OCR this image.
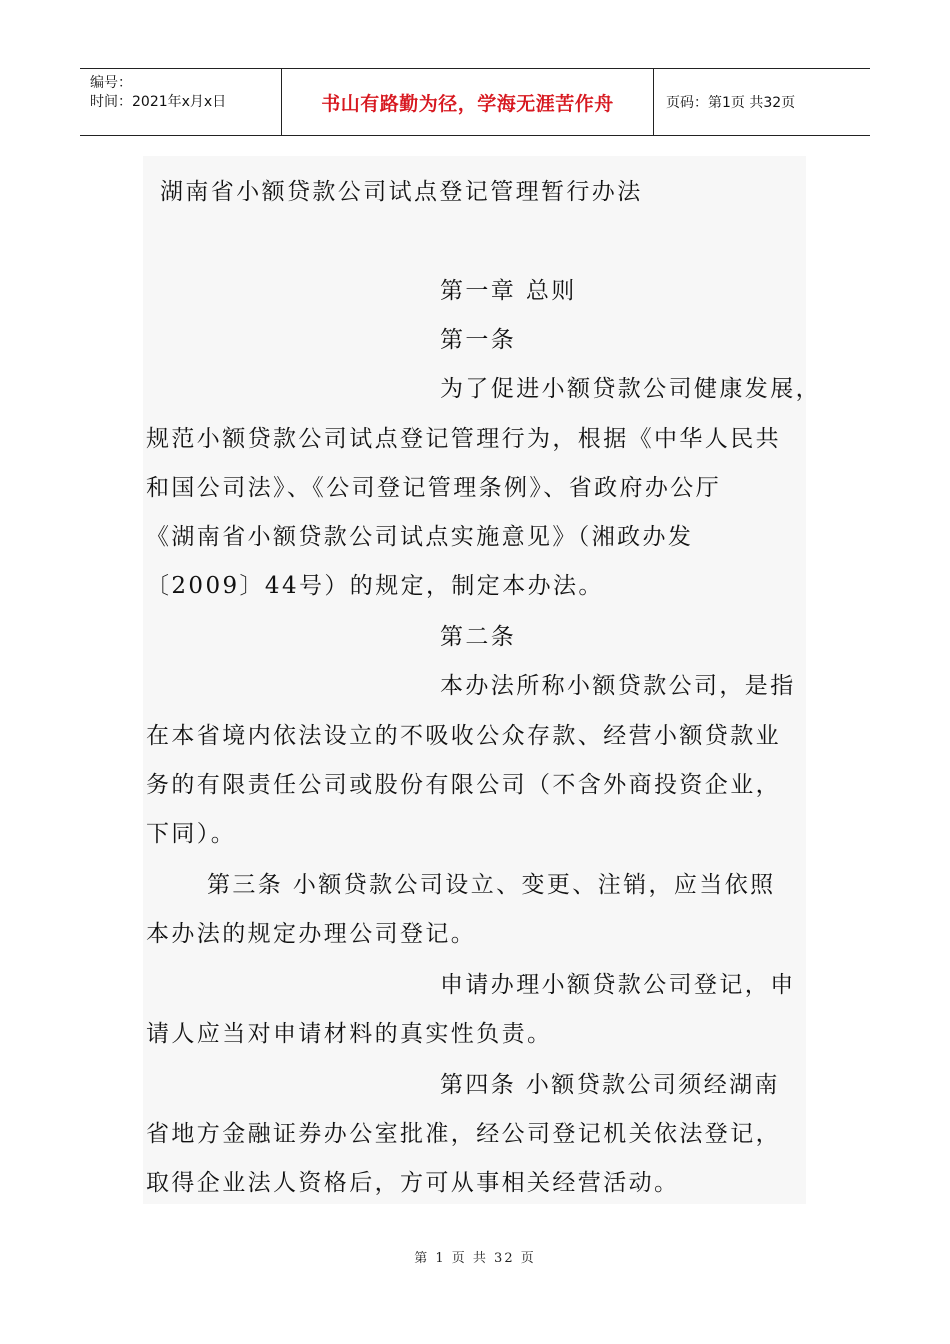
编号：
时间：2021年x月x日	书山有路勤为径，学海无涯苦作舟	页码：第1页 共32页
湖南省小额贷款公司试点登记管理暂行办法
第一章 总则
第一条
为了促进小额贷款公司健康发展，
规范小额贷款公司试点登记管理行为，根据《中华人民共
和国公司法》、《公司登记管理条例》、省政府办公厅
《湖南省小额贷款公司试点实施意见》（湘政办发
〔2009〕44号）的规定，制定本办法。
第二条
本办法所称小额贷款公司，是指
在本省境内依法设立的不吸收公众存款、经营小额贷款业
务的有限责任公司或股份有限公司（不含外商投资企业，
下同）。
第三条 小额贷款公司设立、变更、注销，应当依照
本办法的规定办理公司登记。
申请办理小额贷款公司登记，申
请人应当对申请材料的真实性负责。
第四条 小额贷款公司须经湖南
省地方金融证券办公室批准，经公司登记机关依法登记，
取得企业法人资格后，方可从事相关经营活动。
第 1 页 共 32 页
